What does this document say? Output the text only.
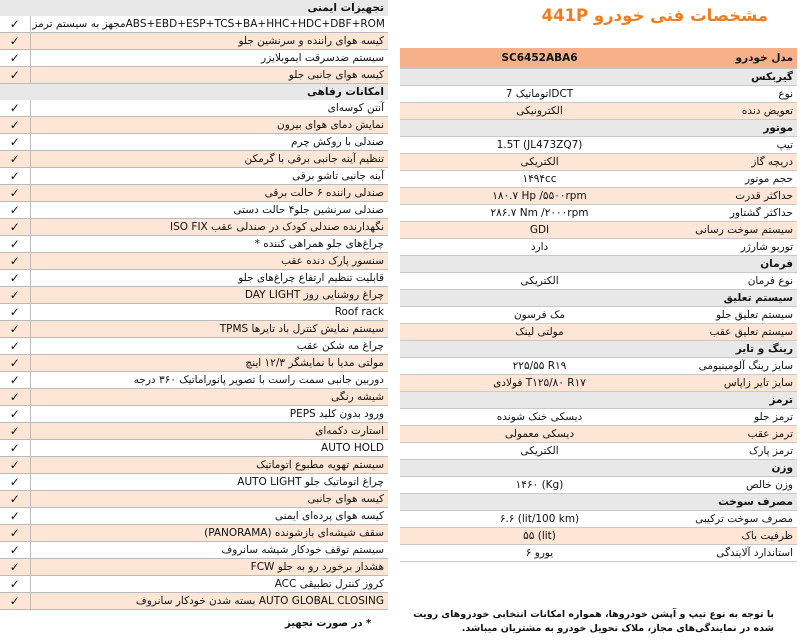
تجهیزات ایمنی	
✓	ABS+EBD+ESP+TCS+BA+HHC+HDC+DBF+ROMمجهز به سیستم ترمز
✓	کیسه هوای راننده و سرنشین جلو
✓	سیستم ضدسرقت ایموبلایزر
✓	کیسه هوای جانبی جلو
امکانات رفاهی	
✓	آنتن کوسه‌ای
✓	نمایش دمای هوای بیرون
✓	صندلی با روکش چرم
✓	تنظیم آینه جانبی برقی با گرمکن
✓	آینه جانبی تاشو برقی
✓	صندلی راننده ۶ حالت برقی
✓	صندلی سرنشین جلو۴ حالت دستی
✓	نگهدارنده صندلی کودک در صندلی عقب ISO FIX
✓	چراغ‌های جلو همراهی کننده *
✓	سنسور پارک دنده عقب
✓	قابلیت تنظیم ارتفاع چراغ‌های جلو
✓	چراغ روشنایی روز DAY LIGHT
✓	Roof rack
✓	سیستم نمایش کنترل باد تایرها TPMS
✓	چراغ مه شکن عقب
✓	مولتی مدیا با نمایشگر ۱۲/۳ اینچ
✓	دوربین جانبی سمت راست با تصویر پانوراماتیک ۳۶۰ درجه
✓	شیشه رنگی
✓	ورود بدون کلید PEPS
✓	استارت دکمه‌ای
✓	AUTO HOLD
✓	سیستم تهویه مطبوع اتوماتیک
✓	چراغ اتوماتیک جلو AUTO LIGHT
✓	کیسه هوای جانبی
✓	کیسه هوای پرده‌ای ایمنی
✓	سقف شیشه‌ای بازشونده (PANORAMA)
✓	سیستم توقف خودکار شیشه سانروف
✓	هشدار برخورد رو به جلو FCW
✓	کروز کنترل تطبیقی ACC
✓	AUTO GLOBAL CLOSING بسته شدن خودکار سانروف
* در صورت تجهیز
مشخصات فنی خودرو 441P
SC6452ABA6	مدل خودرو
گیربکس	
اتوماتیک 7DCT	نوع
الکترونیکی	تعویض دنده
موتور	
1.5T (JL473ZQ7)	تیپ
الکتریکی	دریچه گاز
۱۴۹۴cc	حجم موتور
۱۸۰.۷ Hp /۵۵۰۰rpm	حداکثر قدرت
۲۸۶.۷ Nm /۲۰۰۰rpm	حداکثر گشتاور
GDI	سیستم سوخت رسانی
دارد	توربو شارژر
فرمان	
الکتریکی	نوع فرمان
سیستم تعلیق	
مک فرسون	سیستم تعلیق جلو
مولتی لینک	سیستم تعلیق عقب
رینگ و تایر	
۲۲۵/۵۵ R۱۹	سایز رینگ آلومینیومی
فولادی T۱۲۵/۸۰ R۱۷	سایز تایر زاپاس
ترمز	
دیسکی خنک شونده	ترمز جلو
دیسکی معمولی	ترمز عقب
الکتریکی	ترمز پارک
وزن	
۱۴۶۰ (Kg)	وزن خالص
مصرف سوخت	
۶.۶ (lit/100 km)	مصرف سوخت ترکیبی
۵۵ (lit)	ظرفیت باک
یورو ۶	استاندارد آلایندگی
با توجه به نوع تیپ و آپشن خودروها، همواره امکانات انتخابی خودروهای رویت شده در نمایندگی‌های مجاز، ملاک تحویل خودرو به مشتریان میباشد.
